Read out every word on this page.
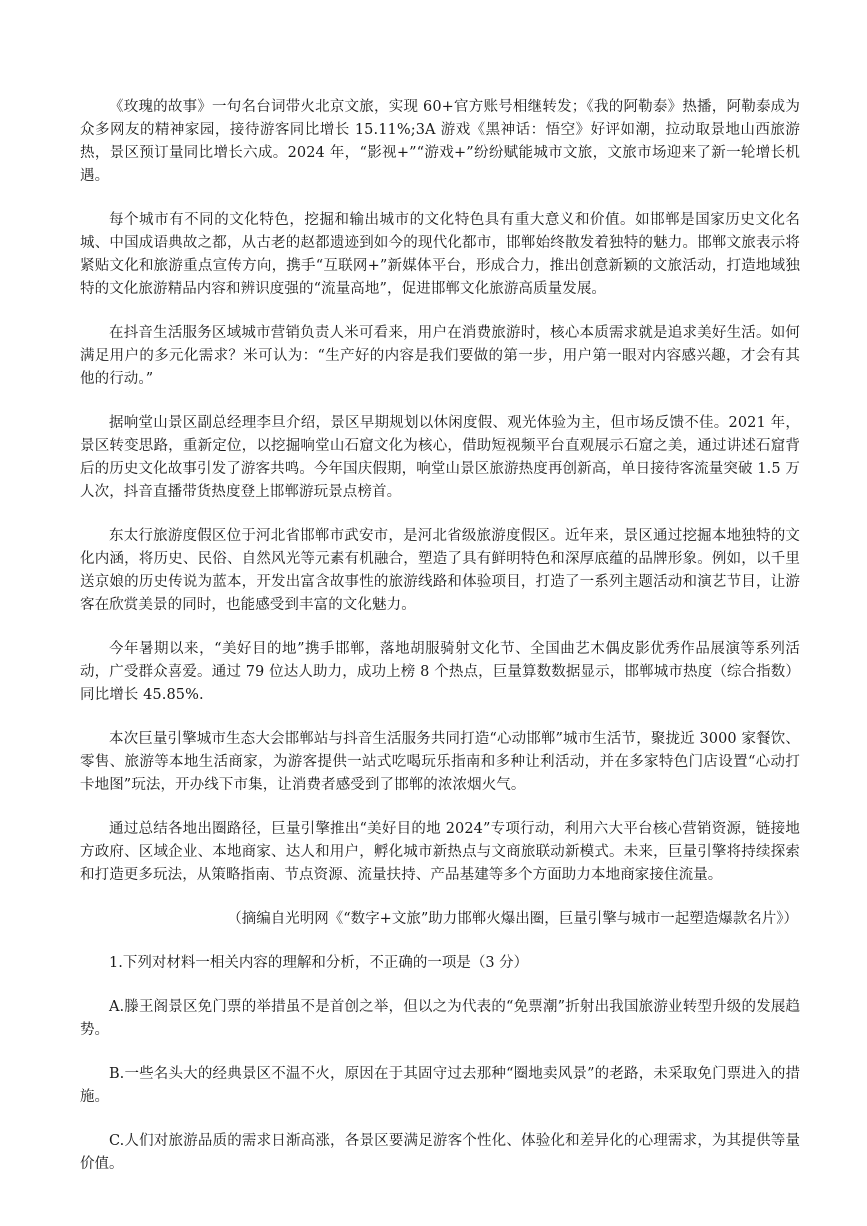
《玫瑰的故事》一句名台词带火北京文旅，实现 60+官方账号相继转发；《我的阿勒泰》热播，阿勒泰成为众多网友的精神家园，接待游客同比增长 15.11%;3A 游戏《黑神话：悟空》好评如潮，拉动取景地山西旅游热，景区预订量同比增长六成。2024 年，“影视+”“游戏+”纷纷赋能城市文旅，文旅市场迎来了新一轮增长机遇。

每个城市有不同的文化特色，挖掘和输出城市的文化特色具有重大意义和价值。如邯郸是国家历史文化名城、中国成语典故之都，从古老的赵都遗迹到如今的现代化都市，邯郸始终散发着独特的魅力。邯郸文旅表示将紧贴文化和旅游重点宣传方向，携手“互联网+”新媒体平台，形成合力，推出创意新颖的文旅活动，打造地域独特的文化旅游精品内容和辨识度强的“流量高地”，促进邯郸文化旅游高质量发展。

在抖音生活服务区域城市营销负责人米可看来，用户在消费旅游时，核心本质需求就是追求美好生活。如何满足用户的多元化需求？米可认为：“生产好的内容是我们要做的第一步，用户第一眼对内容感兴趣，才会有其他的行动。”

据响堂山景区副总经理李旦介绍，景区早期规划以休闲度假、观光体验为主，但市场反馈不佳。2021 年，景区转变思路，重新定位，以挖掘响堂山石窟文化为核心，借助短视频平台直观展示石窟之美，通过讲述石窟背后的历史文化故事引发了游客共鸣。今年国庆假期，响堂山景区旅游热度再创新高，单日接待客流量突破 1.5 万人次，抖音直播带货热度登上邯郸游玩景点榜首。

东太行旅游度假区位于河北省邯郸市武安市，是河北省级旅游度假区。近年来，景区通过挖掘本地独特的文化内涵，将历史、民俗、自然风光等元素有机融合，塑造了具有鲜明特色和深厚底蕴的品牌形象。例如，以千里送京娘的历史传说为蓝本，开发出富含故事性的旅游线路和体验项目，打造了一系列主题活动和演艺节目，让游客在欣赏美景的同时，也能感受到丰富的文化魅力。

今年暑期以来，“美好目的地”携手邯郸，落地胡服骑射文化节、全国曲艺木偶皮影优秀作品展演等系列活动，广受群众喜爱。通过 79 位达人助力，成功上榜 8 个热点，巨量算数数据显示，邯郸城市热度（综合指数）同比增长 45.85%.

本次巨量引擎城市生态大会邯郸站与抖音生活服务共同打造“心动邯郸”城市生活节，聚拢近 3000 家餐饮、零售、旅游等本地生活商家，为游客提供一站式吃喝玩乐指南和多种让利活动，并在多家特色门店设置“心动打卡地图”玩法，开办线下市集，让消费者感受到了邯郸的浓浓烟火气。

通过总结各地出圈路径，巨量引擎推出“美好目的地 2024”专项行动，利用六大平台核心营销资源，链接地方政府、区域企业、本地商家、达人和用户，孵化城市新热点与文商旅联动新模式。未来，巨量引擎将持续探索和打造更多玩法，从策略指南、节点资源、流量扶持、产品基建等多个方面助力本地商家接住流量。

（摘编自光明网《“数字+文旅”助力邯郸火爆出圈，巨量引擎与城市一起塑造爆款名片》）

1.下列对材料一相关内容的理解和分析，不正确的一项是（3 分）

A.滕王阁景区免门票的举措虽不是首创之举，但以之为代表的“免票潮”折射出我国旅游业转型升级的发展趋势。

B.一些名头大的经典景区不温不火，原因在于其固守过去那种“圈地卖风景”的老路，未采取免门票进入的措施。

C.人们对旅游品质的需求日渐高涨，各景区要满足游客个性化、体验化和差异化的心理需求，为其提供等量价值。
